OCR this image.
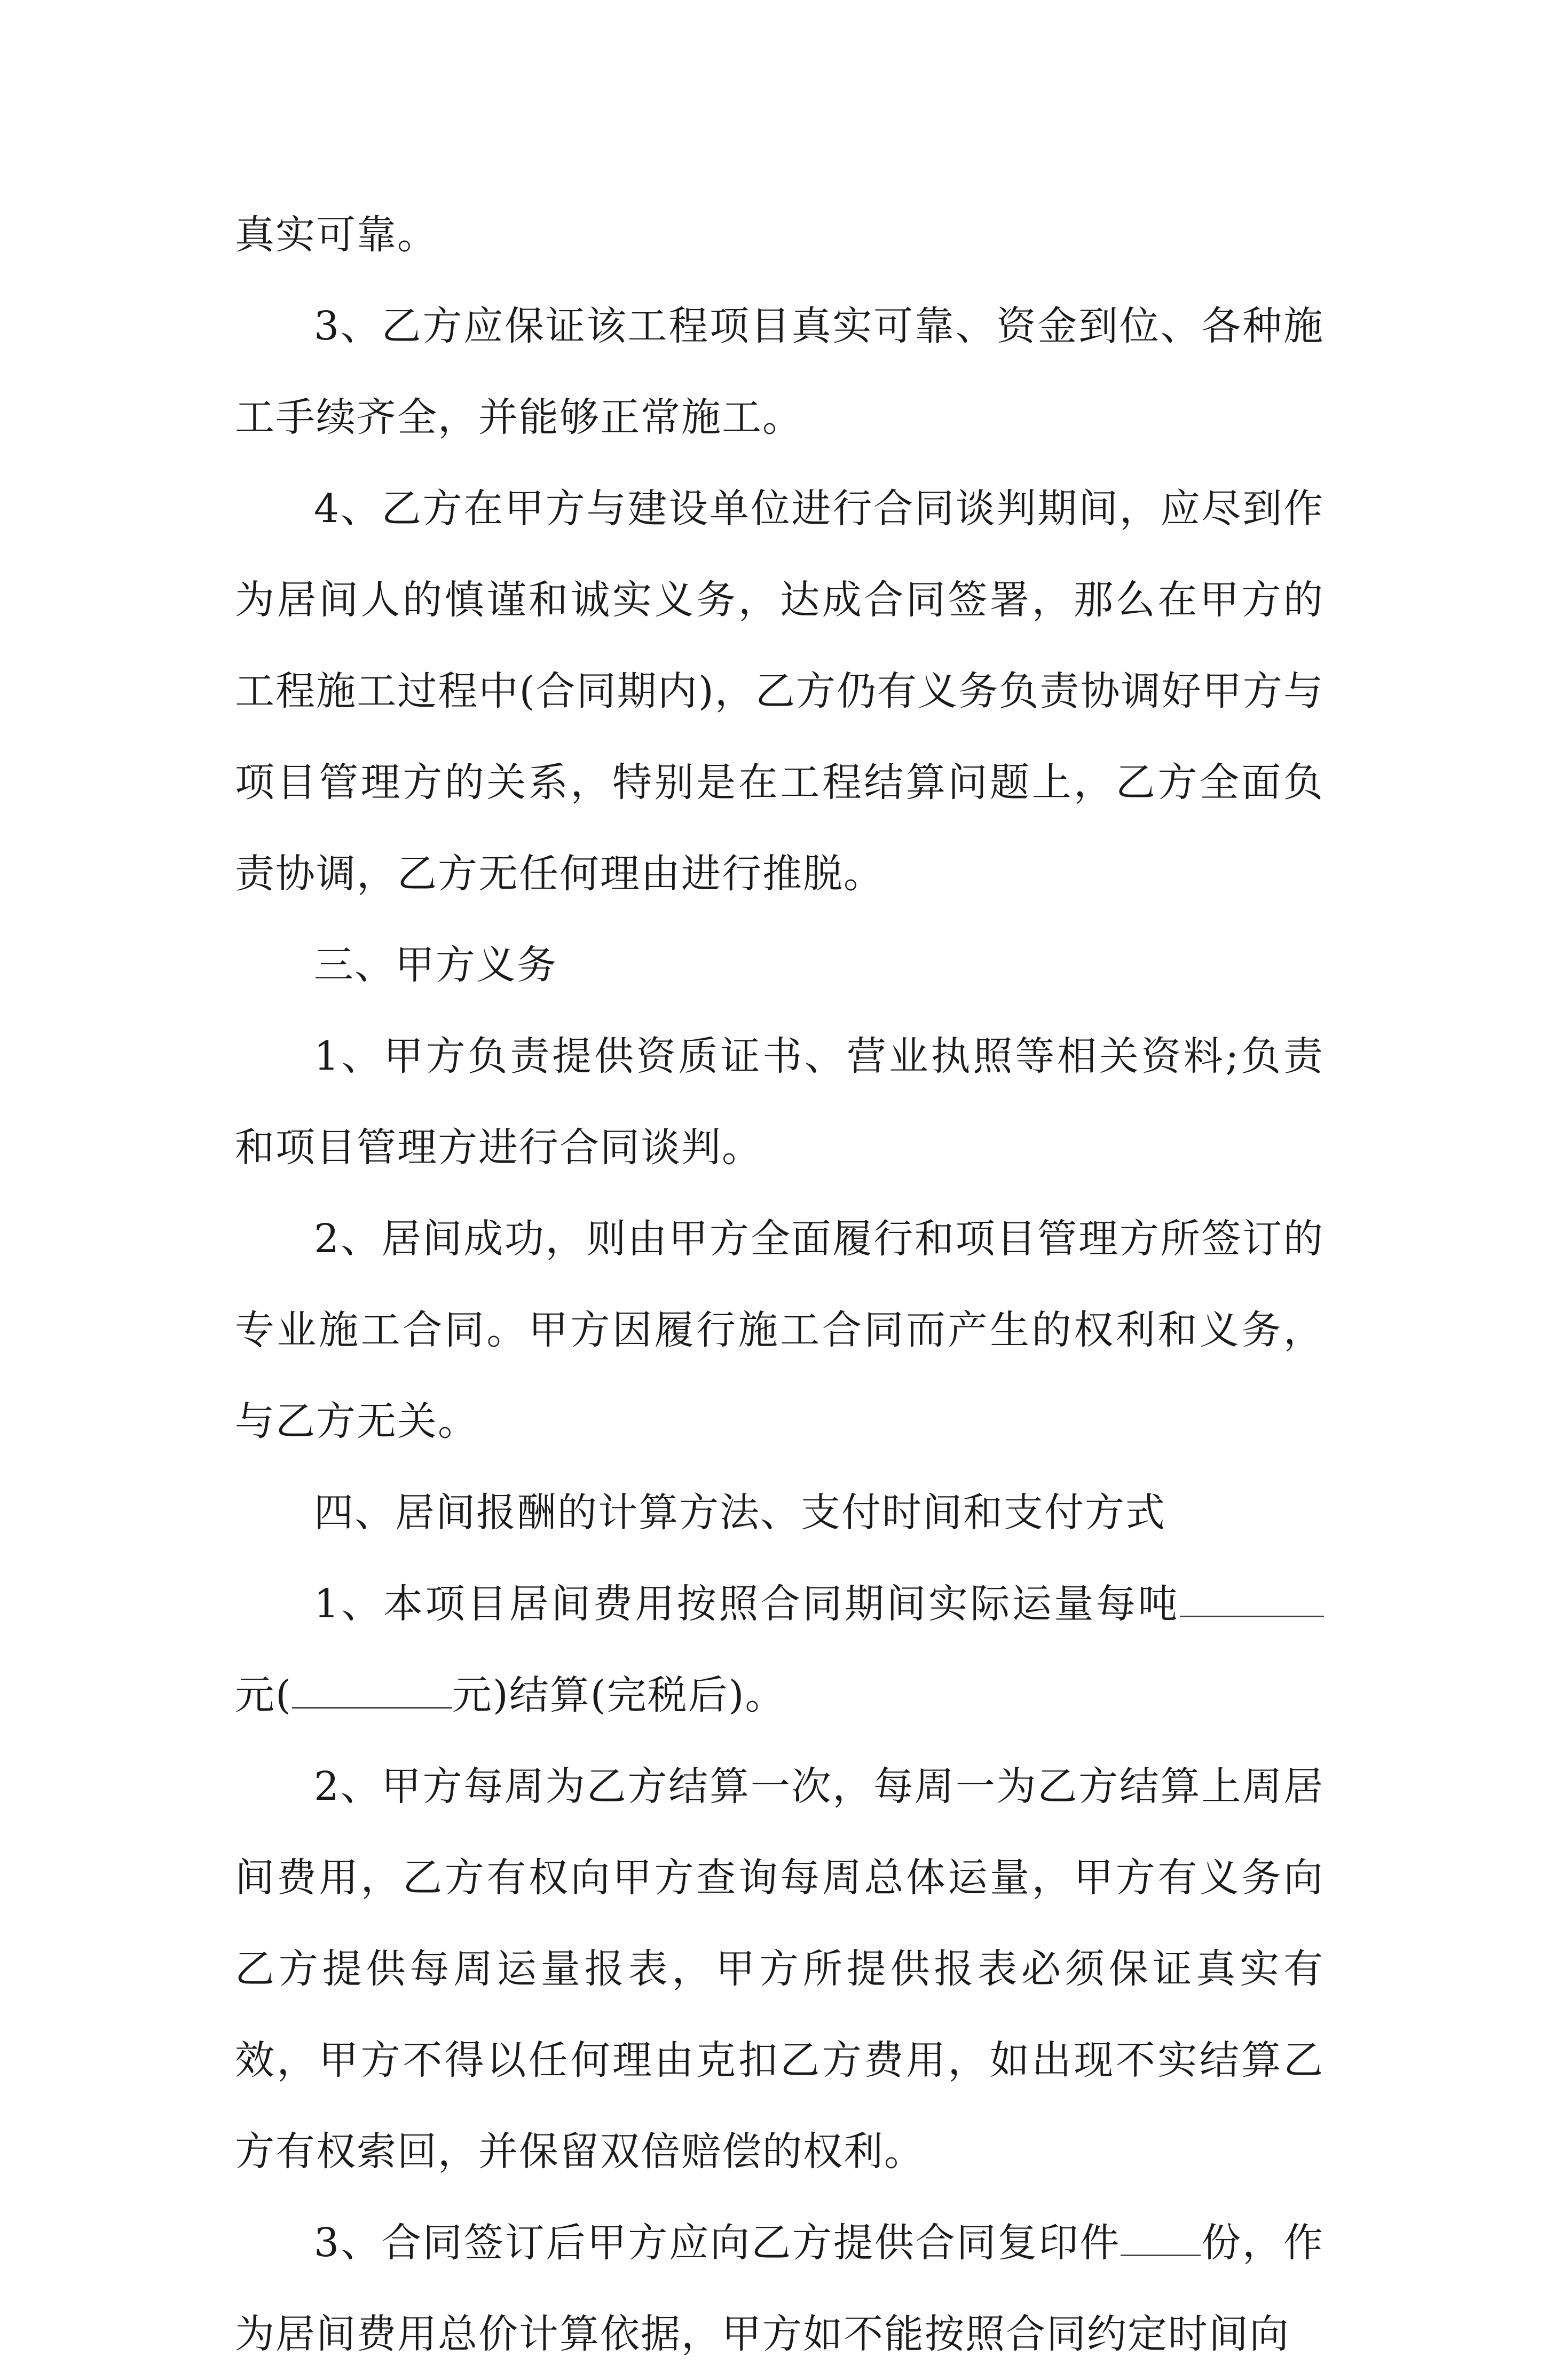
真实可靠。

3、乙方应保证该工程项目真实可靠、资金到位、各种施工手续齐全，并能够正常施工。

4、乙方在甲方与建设单位进行合同谈判期间，应尽到作为居间人的慎谨和诚实义务，达成合同签署，那么在甲方的工程施工过程中(合同期内)，乙方仍有义务负责协调好甲方与项目管理方的关系，特别是在工程结算问题上，乙方全面负责协调，乙方无任何理由进行推脱。

三、甲方义务

1、甲方负责提供资质证书、营业执照等相关资料;负责和项目管理方进行合同谈判。

2、居间成功，则由甲方全面履行和项目管理方所签订的专业施工合同。甲方因履行施工合同而产生的权利和义务，与乙方无关。

四、居间报酬的计算方法、支付时间和支付方式

1、本项目居间费用按照合同期间实际运量每吨元(	元)结算(完税后)。

2、甲方每周为乙方结算一次，每周一为乙方结算上周居间费用，乙方有权向甲方查询每周总体运量，甲方有义务向乙方提供每周运量报表，甲方所提供报表必须保证真实有效，甲方不得以任何理由克扣乙方费用，如出现不实结算乙方有权索回，并保留双倍赔偿的权利。

3、合同签订后甲方应向乙方提供合同复印件 份，作为居间费用总价计算依据，甲方如不能按照合同约定时间向
